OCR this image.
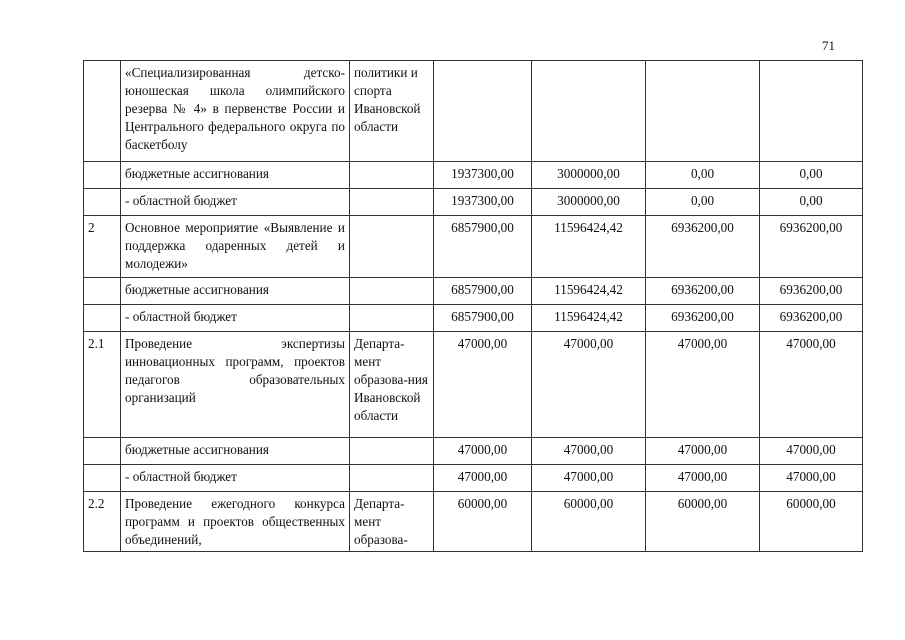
71
	«Специализированная детско-юношеская школа олимпийского резерва № 4» в первенстве России и Центрального федерального округа по баскетболу	политики и спорта Ивановской области				
	бюджетные ассигнования		1937300,00	3000000,00	0,00	0,00
	- областной бюджет		1937300,00	3000000,00	0,00	0,00
2	Основное мероприятие «Выявление и поддержка одаренных детей и молодежи»		6857900,00	11596424,42	6936200,00	6936200,00
	бюджетные ассигнования		6857900,00	11596424,42	6936200,00	6936200,00
	- областной бюджет		6857900,00	11596424,42	6936200,00	6936200,00
2.1	Проведение экспертизы инновационных программ, проектов педагогов образовательных организаций	Департа-мент образова-ния Ивановской области	47000,00	47000,00	47000,00	47000,00
	бюджетные ассигнования		47000,00	47000,00	47000,00	47000,00
	- областной бюджет		47000,00	47000,00	47000,00	47000,00
2.2	Проведение ежегодного конкурса программ и проектов общественных объединений,	Департа-мент образова-	60000,00	60000,00	60000,00	60000,00
